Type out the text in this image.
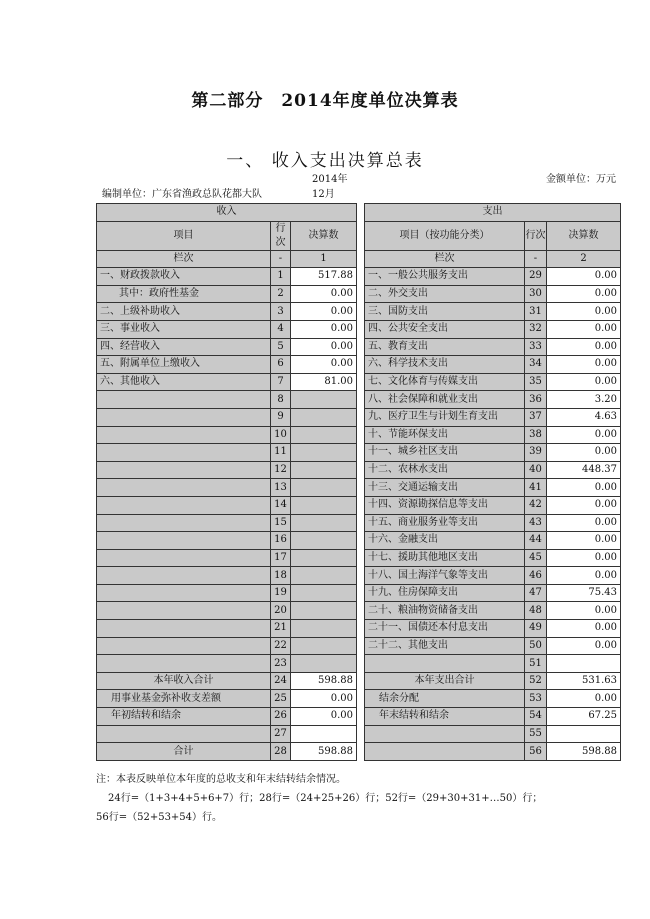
第二部分　2014年度单位决算表
一、 收入支出决算总表
2014年12月
金额单位：万元
编制单位：广东省渔政总队花都大队
收入				支出		
项目	行次	决算数		项目（按功能分类）	行次	决算数
栏次	-	1		栏次	-	2
一、财政拨款收入	1	517.88		一、一般公共服务支出	29	0.00
其中：政府性基金	2	0.00		二、外交支出	30	0.00
二、上级补助收入	3	0.00		三、国防支出	31	0.00
三、事业收入	4	0.00		四、公共安全支出	32	0.00
四、经营收入	5	0.00		五、教育支出	33	0.00
五、附属单位上缴收入	6	0.00		六、科学技术支出	34	0.00
六、其他收入	7	81.00		七、文化体育与传媒支出	35	0.00
	8			八、社会保障和就业支出	36	3.20
	9			九、医疗卫生与计划生育支出	37	4.63
	10			十、节能环保支出	38	0.00
	11			十一、城乡社区支出	39	0.00
	12			十二、农林水支出	40	448.37
	13			十三、交通运输支出	41	0.00
	14			十四、资源勘探信息等支出	42	0.00
	15			十五、商业服务业等支出	43	0.00
	16			十六、金融支出	44	0.00
	17			十七、援助其他地区支出	45	0.00
	18			十八、国土海洋气象等支出	46	0.00
	19			十九、住房保障支出	47	75.43
	20			二十、粮油物资储备支出	48	0.00
	21			二十一、国债还本付息支出	49	0.00
	22			二十二、其他支出	50	0.00
	23				51	
本年收入合计	24	598.88		本年支出合计	52	531.63
用事业基金弥补收支差额	25	0.00		结余分配	53	0.00
年初结转和结余	26	0.00		年末结转和结余	54	67.25
	27				55	
合计	28	598.88			56	598.88
注：本表反映单位本年度的总收支和年末结转结余情况。
24行=（1+3+4+5+6+7）行；28行=（24+25+26）行；52行=（29+30+31+…50）行；
56行=（52+53+54）行。
